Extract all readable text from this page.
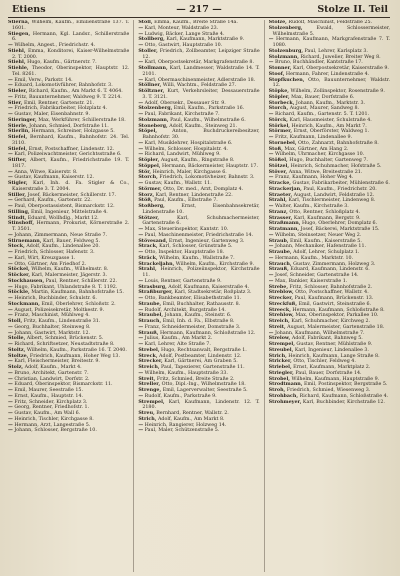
Etiens	— 217 —	Stolze II. Teil

Stierna, Wilhelm, Kaufm., Emilienstraße 137. T. 1601.

Stiegen, Hermann, Kgl. Landsr., Schillerstraße 6.

— Wilhelm, Angest., Friedrichstr. 4.

Stiehl, Emma, Konditorei, Kaiser-Wilhelmstraße 2. T. 2000.

Stiehl, Hugo, Kaufm., Gärtnerstr. 7.

Stiehle, Theodor, Oberinspektor, Hauptstr. 12. Tel. 8261.

— Emil, Verw., Parkstr. 14.

— Eduard, Lokomotivführer, Bahnhofstr. 3.

Stieler, Richard, Kaufm., Am Markt 6. T. 4064.

— Fritz, Bauunternehmer, Waldweg 9. T. 2214.

Stier, Emil, Rentner, Gartenstr. 21.

— Friedrich, Fabrikarbeiter, Holzplatz 4.

— Gustav, Maler, Eisenbahnstr. 9.

Stieringer, Max, Werkführer, Schillerstraße 18.

Stierle, Johann, Schmied, Dorfstraße 11.

Stierlin, Hermann, Schreiner, Holzgasse 5.

Stiefel, Bernhard, Kaufm., Bahnhofstr. 24. Tel. 3110.

Stiefel, Ernst, Postschaffner, Lindenstr. 12.

— Karl, Polizeiwachtmeister, Gerichtsstraße 6.

Stifter, Albert, Kaufm., Friedrichstraße 19. T. 1817.

— Anna, Witwe, Kaiserstr. 8.

— Gustav, Kaufmann, Kaiserstr. 12.

Stigler, Karl, Inh. d. Fa. Stigler & Co., Kaiserstraße 3. T. 2004.

Stiller, Josef, Bäckermeister, Schillerstr. 17.

— Gerhard, Kaufm., Gartenstr. 22.

— Paul, Oberpostassistent, Bismarckstr. 12.

Stilling, Emil, Ingenieur, Mittelstraße 4.

Stindt, Eduard, Wollhdlg., Markt 12.

Stinshoff, Hermann, Prokurist, Körnerstraße 2. T. 3501.

— Johann, Zimmermann, Neue Straße 7.

Stirnemann, Karl, Bauer, Feldweg 5.

Stock, Adolf, Kaufm., Lindenallee 20.

— Friedrich, Schlosser, Hafenstr. 3.

— Karl, Wirt, Kreuzgasse 1.

— Otto, Gärtner, Am Friedhof 2.

Stöckel, Wilhelm, Kaufm., Wilhelmstr. 8.

Stöcker, Karl, Malermeister, Jägerstr. 3.

Stockhausen, Paul, Rentner, Schillerstr. 22.

— Hugo, Fabrikant, Uhlandstraße 8. T. 1192.

Stöckle, Martin, Kaufmann, Bahnhofstraße 15.

— Heinrich, Buchbinder, Schulstr. 6.

Stockmann, Emil, Oberlehrer, Schloßstr. 2.

— August, Polizeisekretär, Moltkestr. 9.

— Franz, Maschinist, Mühlweg 4.

Stoll, Fritz, Kaufm., Lindenstraße 31.

— Georg, Buchhalter, Steinweg 8.

— Johann, Gastwirt, Marktstr. 12.

Stolle, Albert, Schmied, Brückenstr. 5.

— Richard, Schriftsetzer, Neustadtstraße 8.

Stoltz, Wilhelm, Kaufm., Parkstraße 16. T. 2040.

Stoltze, Friedrich, Kaufmann, Hoher Weg 13.

— Karl, Fleischermeister, Breitestr. 9.

Stolz, Adolf, Kaufm., Markt 4.

— Bruno, Architekt, Gartenstr. 7.

— Christian, Landwirt, Dorfstr. 2.

— Eduard, Oberinspektor, Bismarckstr. 11.

— Emil, Maurer, Seestraße 15.

— Ernst, Kaufm., Hauptstr. 14.

— Fritz, Schneider, Kirchplatz 3.

— Georg, Rentner, Friedhofstr. 1.

— Gustav, Kaufm., Am Wall 6.

— Heinrich, Tischler, Kirchgasse 8.

— Hermann, Arzt, Langestraße 5.

— Johann, Schlosser, Bergstraße 10.

Stoll, Emma, Kaufm., Breite Straße 14a.

— Karl, Monteur, Waldstraße 23.

— Ludwig, Bäcker, Lange Straße 4.

Stollberg, Karl, Kaufmann, Marktstraße 9.

— Otto, Gastwirt, Hauptstraße 10.

Stoller, Friedrich, Zollbeamter, Leipziger Straße 12.

— Karl, Oberpostsekretär, Markgrafenstraße 8.

Stollmann, Karl, Landmesser, Waldstraße 14. T. 2101.

— Karl, Obermaschinenmeister, Adlerstraße 18.

Stöllner, Willi, Wachtm., Feldstraße 27.

Stöltzner, Kurt, Verkehrsleiter, Dessauerstraße 3. T. 3121.

— Adolf, Obersekr., Dessauer Str. 9.

Stolzenberg, Emil, Kaufm., Parkstraße 16.

— Paul, Fabrikant, Kirchstraße 7.

Stolzmann, Paul, Kaufm., Wilhelmstraße 6.

Stoneberg, Adolf, Kaufm., Steinweg 21.

Stöpel,	Anton, Buchdruckereibesitzer, Bahnhofstr. 30.

— Karl, Musiklehrer, Hospitalstraße 6.

— Wilhelm, Schlosser, Hospitalstr. 4.

— Richard, Landwirt, Mühlweg 9.

Stöpler, August, Kaufm., Ringstraße 8.

Stöppel, Hermann, Bäckermeister, Hauptstr. 17.

Stör, Heinrich, Maler, Kirchgasse 6.

Storch, Friedrich, Lokomotivheizer, Bahnstr. 3.

— Gustav, Kaufm., Wallstr. 11.

Störmer, Otto, Dr. med., Arzt, Domplatz 4.

Storz, Karl, Rentner, Lindenstraße 22.

Stöß, Paul, Kaufm., Elbstraße 7.

Stoßberg,	Ernst, Eisenbahnsekretär, Lindenstraße 10.

Stötzer,	Karl, Schuhmachermeister, Gartenstraße 6.

— Max, Steuerinspektor, Kantstr. 10.

— Paul, Maschinenmeister, Friedrichstraße 14.

Stövesand, Ernst, Ingenieur, Gartenweg 3.

Strack, Karl, Schlosser, Grünstraße 5.

— Otto, Inspektor, Hauptstraße 18.

Sträck, Wilhelm, Kaufm., Wallstraße 7.

Strackeljahn, Wilhelm, Kaufm., Kirchstraße 9.

Strahl, Heinrich, Polizeiinspektor, Kirchstraße 11.

— Louis, Rentner, Gartenstraße 9.

Strasburg, Adolf, Kaufmann, Kaiserstraße 4.

Straßburger, Karl, Stadtsekretär, Roßplatz 3.

— Otto, Bankbeamter, Elisabethstraße 11.

Straube, Emil, Buchhalter, Rathausstr. 8.

— Rudolf, Architekt, Burgstraße 14.

Straubel, Johann, Kaufm., Steinstr. 6.

Strauch, Emil, Inh. d. Fa., Elbstraße 8.

— Franz, Schneidermeister, Domstraße 3.

Strauß, Hermann, Kaufmann, Schloßstraße 12.

— Julius, Kaufm., Am Markt 2.

— Karl, Lehrer, Alte Straße 7.

Strebel, Hugo, Rechtsanwalt, Bergstraße 1.

Streck, Adolf, Postbeamter, Lindenstr. 12.

Strecker, Karl, Gärtnerei, Am Graben 5.

Streich, Paul, Tapezierer, Gartenstraße 11.

— Wilhelm, Kaufm., Hauptstraße 33.

Streit, Fritz, Schmied, Breite Straße 2.

Streller, Otto, Dipl.-Ing., Wilhelmstraße 18.

Strenge, Emil, Lagerverwalter, Seestraße 5.

— Rudolf, Kaufm., Parkstraße 9.

Strempel, Karl, Kaufmann, Lindenstr. 12. T. 2180.

Streu, Bernhard, Rentner, Wallstr. 2.

Strich, Adolf, Kaufm., Am Markt 8.

— Heinrich, Rangierer, Holzweg 14.

— Paul, Maler, Schützenstraße 5.

Stolze, Rudolf, Maschinist, Feldstraße 25.

Stolzenberg,	Ewald, Schlossermeister, Wilhelmstraße 5.

— Hermann, Kaufmann, Markgrafenstraße 7. T. 1080.

Stolzenburg, Paul, Lehrer, Karlsplatz 3.

Stolzmann, Richard, Juwelier, Breiter Weg 8.

— Bruno, Buchhändler, Kantstraße 17.

Stonner, Karl, Oberpostsekretär, Kaiserstraße 9.

Stoof, Hermann, Fahrer, Lindenstraße 4.

Stopfkuchen, Otto, Bauunternehmer, Waldstr. 12.

Stöpke, Wilhelm, Zollinspektor, Rosenstraße 9.

Stöpler, Max, Bauer, Dorfstraße 6.

Storbeck, Johann, Kaufm., Marktstr. 3.

Storch, August, Maurer, Sandweg 8.

— Richard, Kaufm., Gartenstr. 5. T. 1201.

Störck, Karl, Hausmeister, Schulstraße 4.

Störkel, Heinrich, Kaufm., Am Markt 7.

Störmer, Ernst, Oberförster, Waldweg 1.

— Fritz, Kaufmann, Lindenallee 9.

Stornebel, Otto, Zahnarzt, Bahnhofstraße 8.

Stoß, Max, Gärtner, Am Hang 2.

— Wilhelm, Uhrmacher, Kirchgasse 10.

Stößel, Hugo, Buchhalter, Gartenweg 7.

Stötzel, Heinrich, Schuhmacher, Hofstraße 5.

Stöver, Anna, Witwe, Breitestraße 21.

— Franz, Kaufmann, Hoher Weg 4.

Stracke, Gustav, Fabrikarbeiter, Mühlenstraße 6.

Strackerjan, Paul, Kaufm., Friedrichstr. 20.

Straeter, August, Landwirt, Feldstraße 12.

Strahl, Karl, Tischlermeister, Lindenweg 8.

— Walter, Kaufm., Kirchstraße 3.

Stranz, Otto, Rentner, Schloßplatz 4.

Strasser, Karl, Kaufmann, Bergstr. 9.

Straßmann, Hugo, Oberlehrer, Domplatz 6.

Stratmann, Josef, Bäckerei, Marktstraße 15.

— Wilhelm, Steinsetzer, Neuer Weg 2.

Straub, Emil, Kaufm., Kaiserstraße 5.

— Johann, Mechaniker, Hafenstraße 11.

Straube, Adolf, Lehrer, Schulplatz 1.

— Hermann, Kaufm., Marktstr. 10.

Strauch, Gustav, Zimmermann, Holzweg 3.

Strauß, Eduard, Kaufmann, Lindenstr. 6.

— Josef, Schneider, Gartenstraße 14.

— Max, Bankier, Kaiserstraße 1.

Strebe, Fritz, Schlosser, Bahnhofstraße 2.

Streblow, Otto, Postschaffner, Wallstr. 4.

Strecker, Paul, Kaufmann, Brückenstr. 13.

Streckfuß, Emil, Gastwirt, Steinstraße 6.

Streeck, Hermann, Kaufmann, Schloßstraße 8.

Strehlow, Max, Oberinspektor, Parkallee 10.

Streich, Karl, Schuhmacher, Kirchweg 2.

Streit, August, Malermeister, Gartenstraße 18.

— Johann, Kaufmann, Wilhelmstraße 7.

Strelow, Adolf, Fabrikant, Bahnweg 5.

Strempel, Gustav, Rentner, Mühlstraße 9.

Streubel, Karl, Ingenieur, Lindenallee 3.

Strich, Heinrich, Kaufmann, Lange Straße 8.

Stricker, Otto, Tischler, Feldweg 4.

Striebel, Ernst, Kaufmann, Marktplatz 2.

Striegler, Paul, Bauer, Dorfstraße 14.

Strobel, Wilhelm, Kaufmann, Hauptstraße 9.

Strodtmann, Emil, Postinspektor, Bergstraße 5.

Stroh, Friedrich, Schmied, Wiesenweg 3.

Strohbach, Richard, Kaufmann, Schloßstraße 4.

Strohmeyer, Karl, Buchbinder, Kirchstraße 12.
